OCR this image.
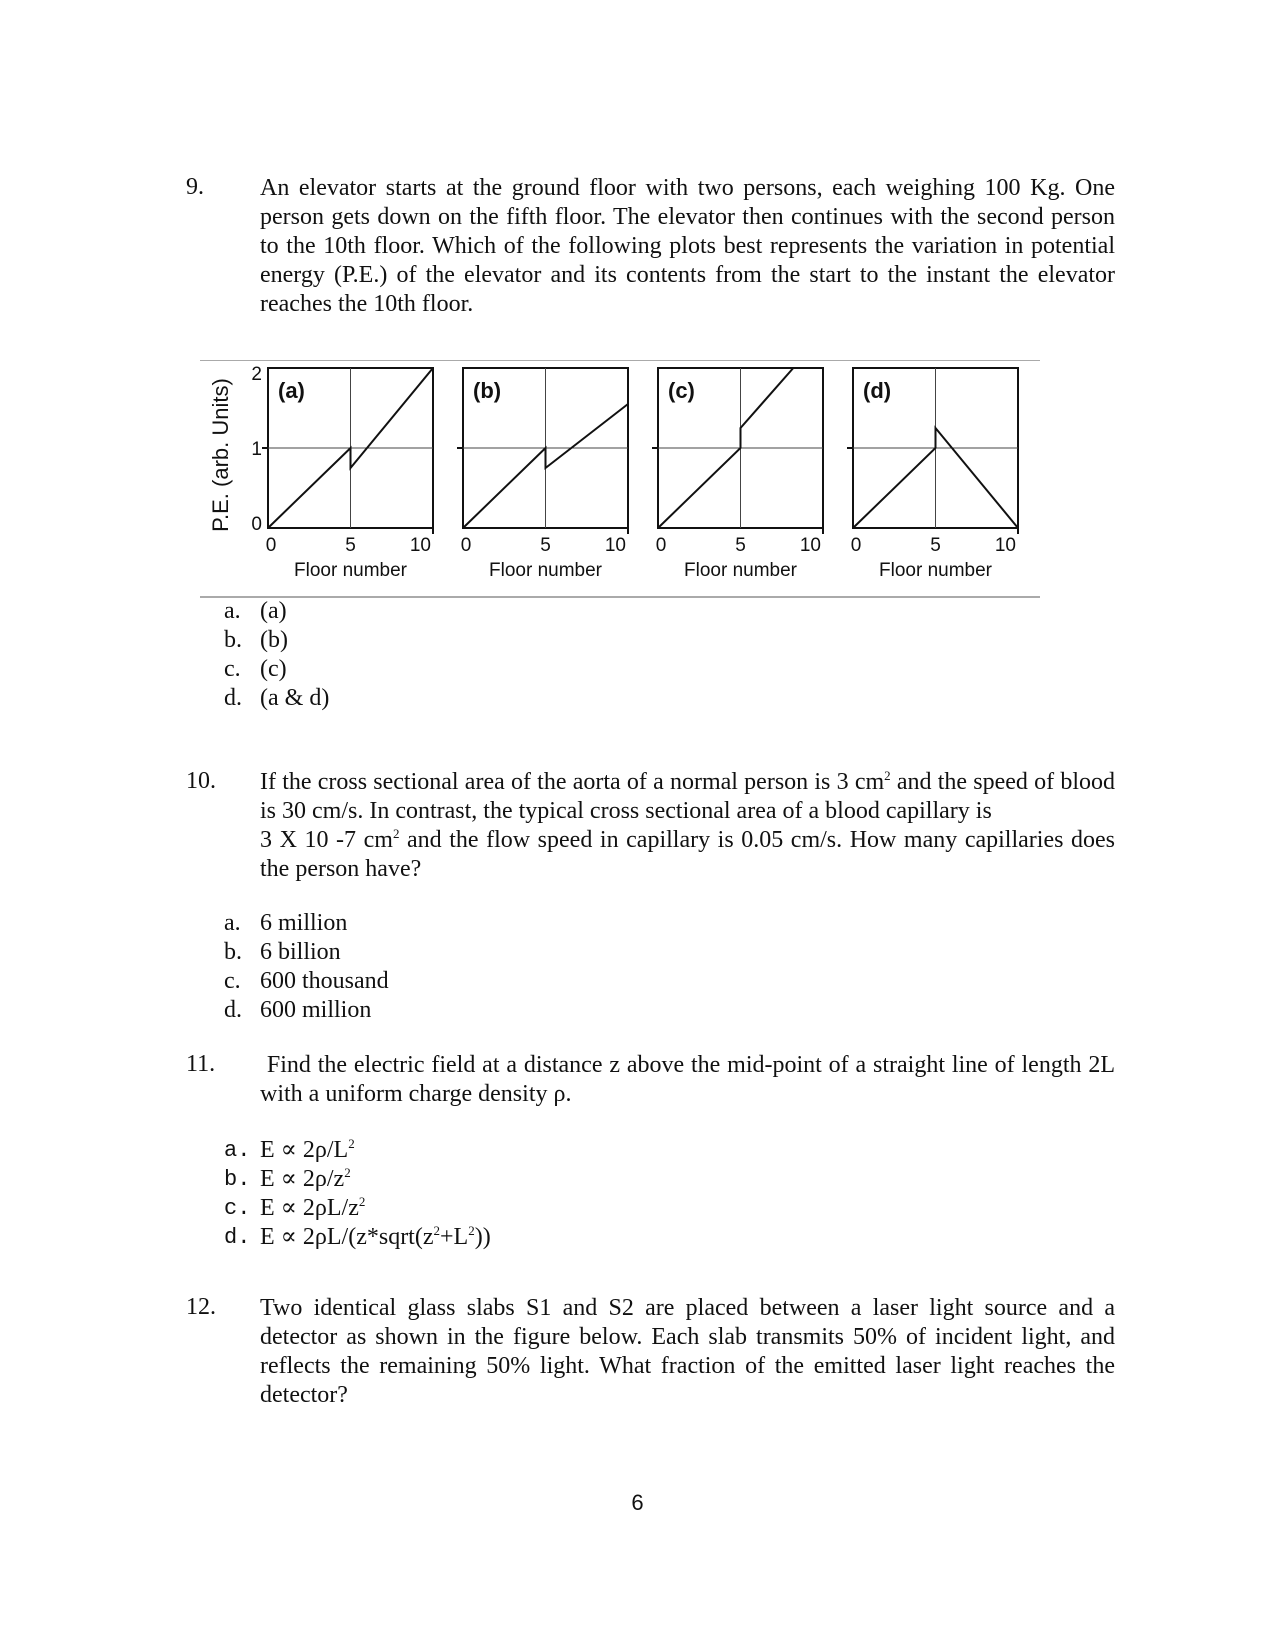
9. An elevator starts at the ground floor with two persons, each weighing 100 Kg. One person gets down on the fifth floor. The elevator then continues with the second person to the 10th floor. Which of the following plots best represents the variation in potential energy (P.E.) of the elevator and its contents from the start to the instant the elevator reaches the 10th floor.
P.E. (arb. Units) (a)
0	5	10
Floor number
0
1
2
(b)
0	5	10
Floor number
(c)
0	5	10
Floor number
(d)
0	5	10
Floor number
a. (a)
b. (b)
c. (c)
d. (a & d)
10. If the cross sectional area of the aorta of a normal person is 3 $cm^2$ and the speed of blood is 30 cm/s. In contrast, the typical cross sectional area of a blood capillary is
3 X 10 -7 $cm^2$ and the flow speed in capillary is 0.05 cm/s. How many capillaries does the person have?
a. 6 million
b. 6 billion
c. 600 thousand
d. 600 million
11. Find the electric field at a distance z above the mid-point of a straight line of length 2L with a uniform charge density ρ.
a. $E \propto 2\rho/L^2$
b. $E \propto 2\rho/z^2$
c. $E \propto 2\rho L/z^2$
d. $E \propto 2\rho L/(z*sqrt(z^2+L^2))$
12. Two identical glass slabs S1 and S2 are placed between a laser light source and a detector as shown in the figure below. Each slab transmits 50% of incident light, and reflects the remaining 50% light. What fraction of the emitted laser light reaches the detector?
6
